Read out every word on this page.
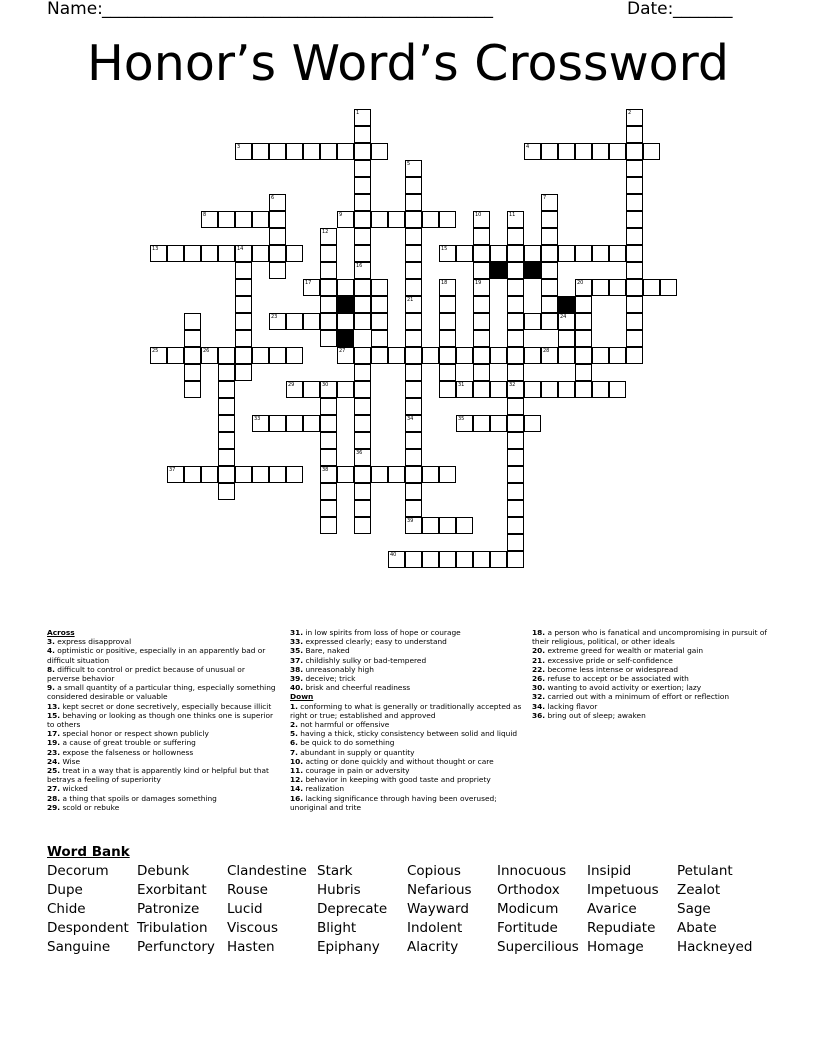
Name: ______________________________________________	Date: _______
Honor’s Word’s Crossword
3	4
8	9
13	14	15
17	20
23	24
25	26	27	28
29	30	31	32
33	35
37	38
39
40
1
16
2
5
21
6	7
10
19
11
12
18
34
36
Across
3. express disapproval
4. optimistic or positive, especially in an apparently bad or difficult situation
8. difficult to control or predict because of unusual or perverse behavior
9. a small quantity of a particular thing, especially something considered desirable or valuable
13. kept secret or done secretively, especially because illicit
15. behaving or looking as though one thinks one is superior to others
17. special honor or respect shown publicly
19. a cause of great trouble or suffering
23. expose the falseness or hollowness
24. Wise
25. treat in a way that is apparently kind or helpful but that betrays a feeling of superiority
27. wicked
28. a thing that spoils or damages something
29. scold or rebuke
31. in low spirits from loss of hope or courage
33. expressed clearly; easy to understand
35. Bare, naked
37. childishly sulky or bad-tempered
38. unreasonably high
39. deceive; trick
40. brisk and cheerful readiness
Down
1. conforming to what is generally or traditionally accepted as right or true; established and approved
2. not harmful or offensive
5. having a thick, sticky consistency between solid and liquid
6. be quick to do something
7. abundant in supply or quantity
10. acting or done quickly and without thought or care
11. courage in pain or adversity
12. behavior in keeping with good taste and propriety
14. realization
16. lacking significance through having been overused; unoriginal and trite
18. a person who is fanatical and uncompromising in pursuit of their religious, political, or other ideals
20. extreme greed for wealth or material gain
21. excessive pride or self-confidence
22. become less intense or widespread
26. refuse to accept or be associated with
30. wanting to avoid activity or exertion; lazy
32. carried out with a minimum of effort or reflection
34. lacking flavor
36. bring out of sleep; awaken
Word Bank
Decorum Debunk	Clandestine Stark	Copious	Innocuous Insipid	Petulant
Dupe	Exorbitant Rouse	Hubris	Nefarious Orthodox Impetuous Zealot
Chide	Patronize Lucid	Deprecate Wayward Modicum Avarice	Sage
Despondent Tribulation Viscous	Blight	Indolent	Fortitude Repudiate Abate
Sanguine Perfunctory Hasten	Epiphany Alacrity	Supercilious Homage Hackneyed
